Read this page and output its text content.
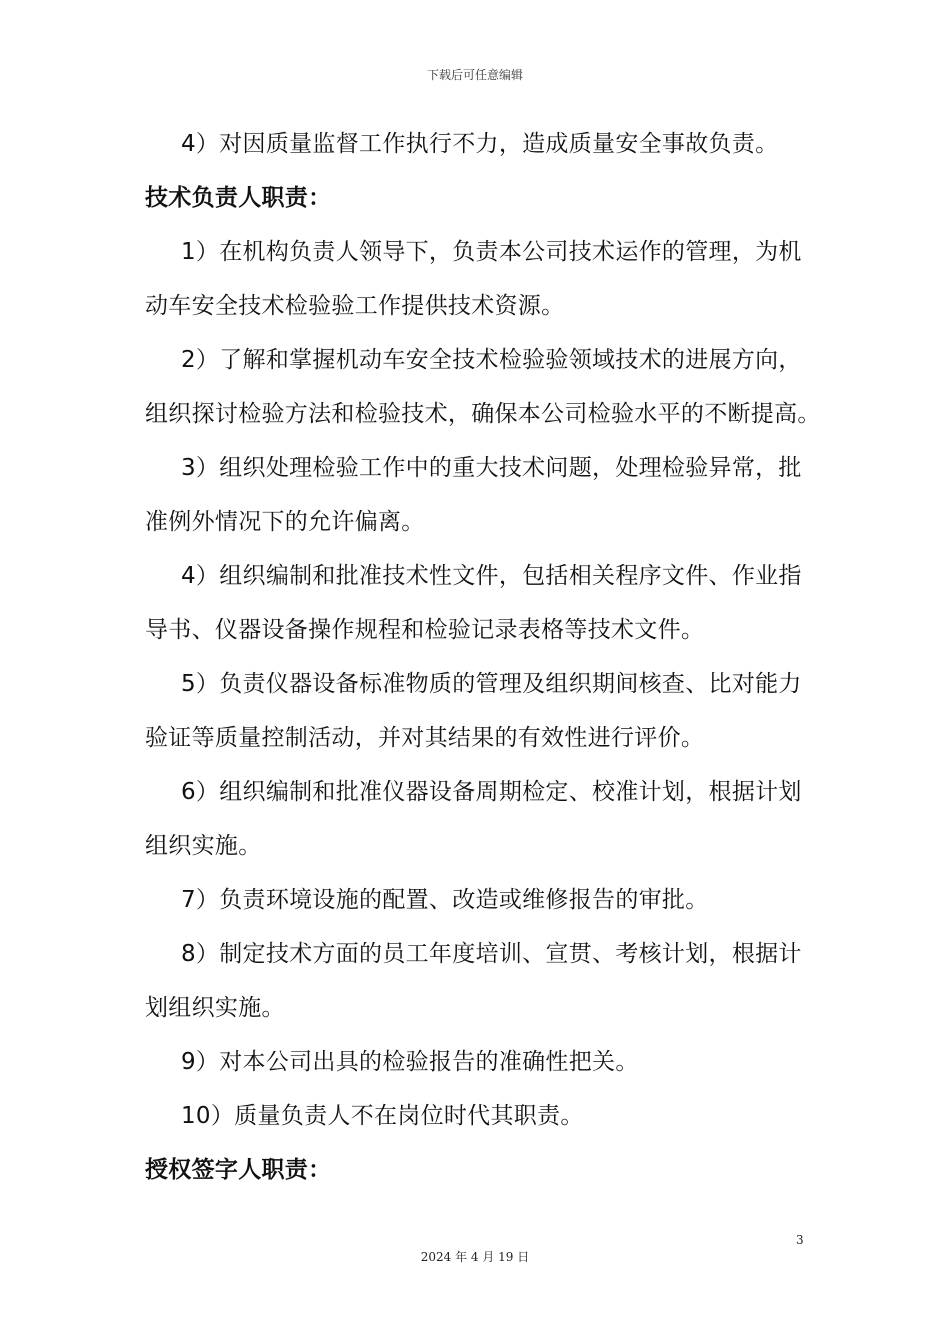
下载后可任意编辑

4）对因质量监督工作执行不力，造成质量安全事故负责。

技术负责人职责：

1）在机构负责人领导下，负责本公司技术运作的管理，为机

动车安全技术检验验工作提供技术资源。

2）了解和掌握机动车安全技术检验验领域技术的进展方向，

组织探讨检验方法和检验技术，确保本公司检验水平的不断提高。

3）组织处理检验工作中的重大技术问题，处理检验异常，批

准例外情况下的允许偏离。

4）组织编制和批准技术性文件，包括相关程序文件、作业指

导书、仪器设备操作规程和检验记录表格等技术文件。

5）负责仪器设备标准物质的管理及组织期间核查、比对能力

验证等质量控制活动，并对其结果的有效性进行评价。

6）组织编制和批准仪器设备周期检定、校准计划，根据计划

组织实施。

7）负责环境设施的配置、改造或维修报告的审批。

8）制定技术方面的员工年度培训、宣贯、考核计划，根据计

划组织实施。

9）对本公司出具的检验报告的准确性把关。

10）质量负责人不在岗位时代其职责。

授权签字人职责：

3
2024 年 4 月 19 日
